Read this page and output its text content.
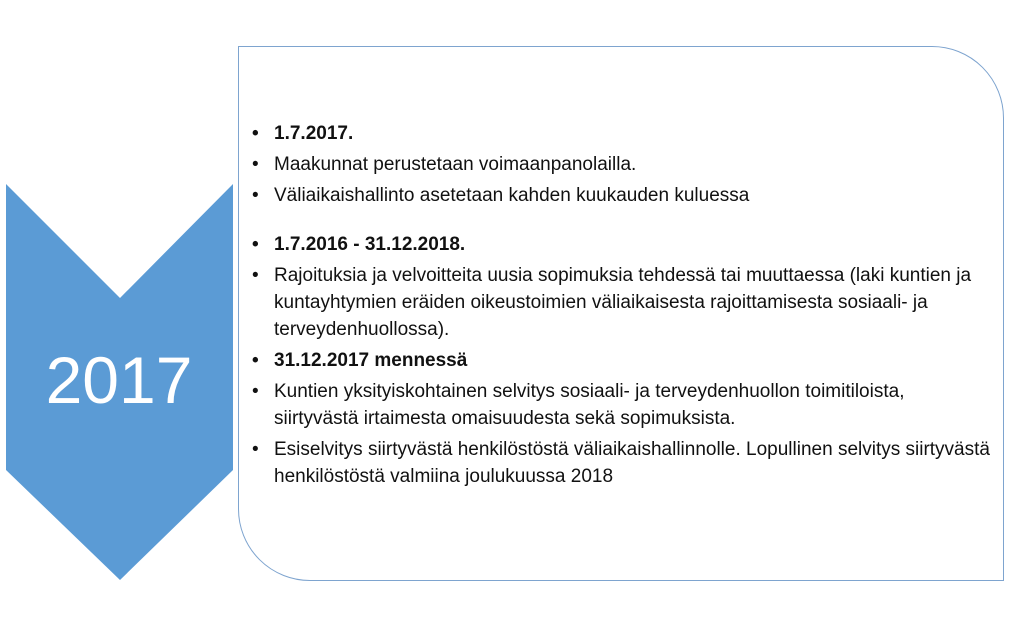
2017
• 1.7.2017.
• Maakunnat perustetaan voimaanpanolailla.
• Väliaikaishallinto asetetaan kahden kuukauden kuluessa
• 1.7.2016 - 31.12.2018.
• Rajoituksia ja velvoitteita uusia sopimuksia tehdessä tai muuttaessa (laki kuntien ja kuntayhtymien eräiden oikeustoimien väliaikaisesta rajoittamisesta sosiaali- ja terveydenhuollossa).
• 31.12.2017 mennessä
• Kuntien yksityiskohtainen selvitys sosiaali- ja terveydenhuollon toimitiloista, siirtyvästä irtaimesta omaisuudesta sekä sopimuksista.
• Esiselvitys siirtyvästä henkilöstöstä väliaikaishallinnolle. Lopullinen selvitys siirtyvästä henkilöstöstä valmiina joulukuussa 2018
